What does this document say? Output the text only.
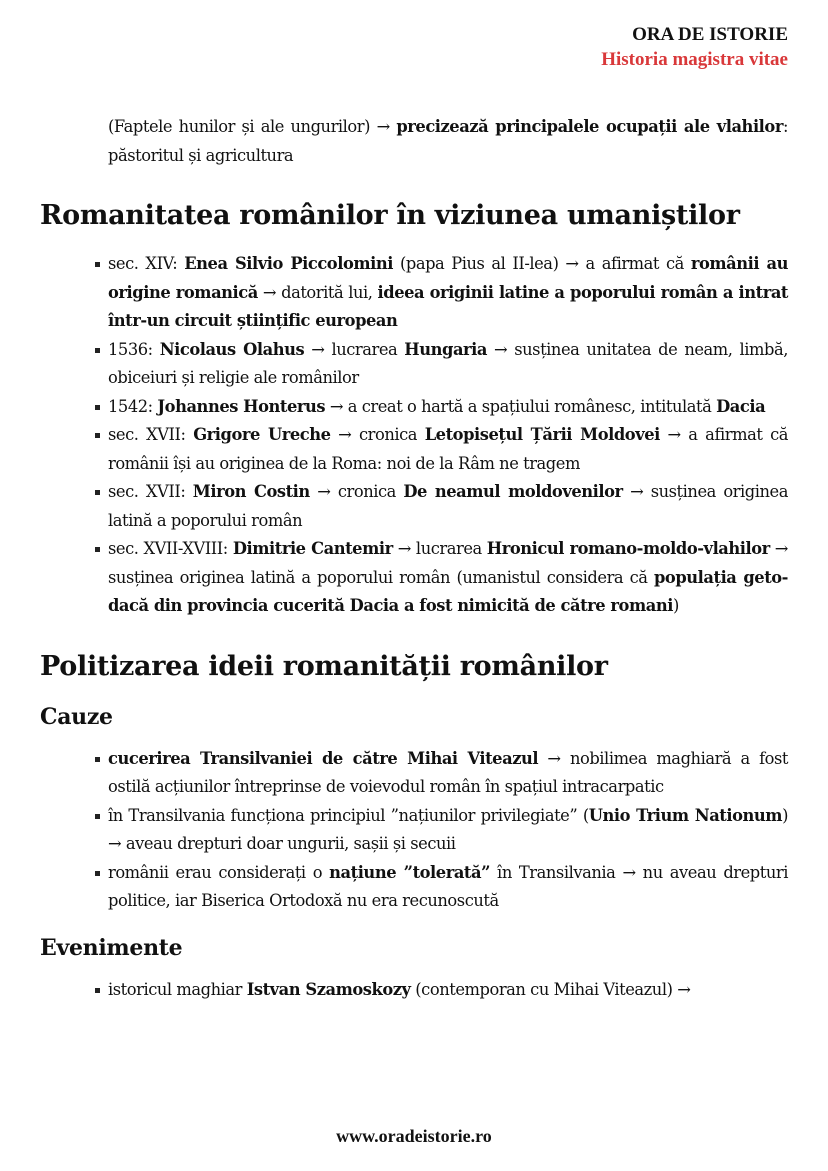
ORA DE ISTORIE
Historia magistra vitae

(Faptele hunilor și ale ungurilor) → precizează principalele ocupații ale vlahilor: păstoritul și agricultura

Romanitatea românilor în viziunea umaniștilor
sec. XIV: Enea Silvio Piccolomini (papa Pius al II-lea) → a afirmat că românii au origine romanică → datorită lui, ideea originii latine a poporului român a intrat într-un circuit științific european
1536: Nicolaus Olahus → lucrarea Hungaria → susținea unitatea de neam, limbă, obiceiuri și religie ale românilor
1542: Johannes Honterus → a creat o hartă a spațiului românesc, intitulată Dacia
sec. XVII: Grigore Ureche → cronica Letopisețul Țării Moldovei → a afirmat că românii își au originea de la Roma: noi de la Râm ne tragem
sec. XVII: Miron Costin → cronica De neamul moldovenilor → susținea originea latină a poporului român
sec. XVII-XVIII: Dimitrie Cantemir → lucrarea Hronicul romano-moldo-vlahilor → susținea originea latină a poporului român (umanistul considera că populația geto-dacă din provincia cucerită Dacia a fost nimicită de către romani)
Politizarea ideii romanității românilor
Cauze
cucerirea Transilvaniei de către Mihai Viteazul → nobilimea maghiară a fost ostilă acțiunilor întreprinse de voievodul român în spațiul intracarpatic
în Transilvania funcționa principiul ”națiunilor privilegiate” (Unio Trium Nationum) → aveau drepturi doar ungurii, sașii și secuii
românii erau considerați o națiune ”tolerată” în Transilvania → nu aveau drepturi politice, iar Biserica Ortodoxă nu era recunoscută
Evenimente
istoricul maghiar Istvan Szamoskozy (contemporan cu Mihai Viteazul) →
www.oradeistorie.ro
